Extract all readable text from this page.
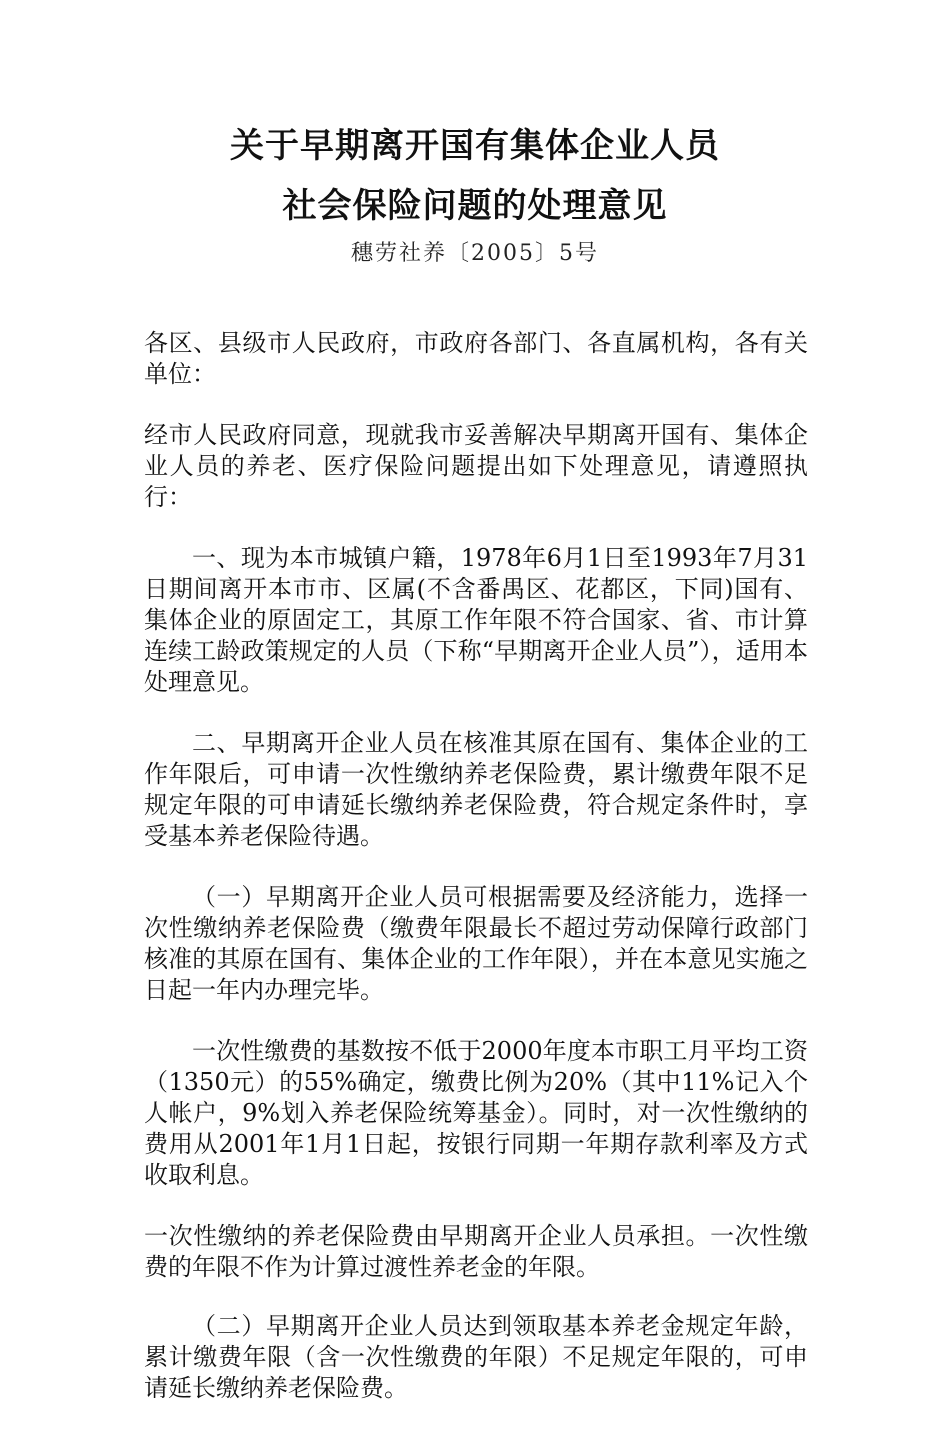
关于早期离开国有集体企业人员
社会保险问题的处理意见
穗劳社养〔2005〕5号

各区、县级市人民政府，市政府各部门、各直属机构，各有关单位：

经市人民政府同意，现就我市妥善解决早期离开国有、集体企业人员的养老、医疗保险问题提出如下处理意见，请遵照执行：

一、现为本市城镇户籍，1978年6月1日至1993年7月31日期间离开本市市、区属(不含番禺区、花都区，下同)国有、集体企业的原固定工，其原工作年限不符合国家、省、市计算连续工龄政策规定的人员（下称“早期离开企业人员”），适用本处理意见。

二、早期离开企业人员在核准其原在国有、集体企业的工作年限后，可申请一次性缴纳养老保险费，累计缴费年限不足规定年限的可申请延长缴纳养老保险费，符合规定条件时，享受基本养老保险待遇。

（一）早期离开企业人员可根据需要及经济能力，选择一次性缴纳养老保险费（缴费年限最长不超过劳动保障行政部门核准的其原在国有、集体企业的工作年限），并在本意见实施之日起一年内办理完毕。

一次性缴费的基数按不低于2000年度本市职工月平均工资（1350元）的55%确定，缴费比例为20%（其中11%记入个人帐户，9%划入养老保险统筹基金）。同时，对一次性缴纳的费用从2001年1月1日起，按银行同期一年期存款利率及方式收取利息。

一次性缴纳的养老保险费由早期离开企业人员承担。一次性缴费的年限不作为计算过渡性养老金的年限。

（二）早期离开企业人员达到领取基本养老金规定年龄，累计缴费年限（含一次性缴费的年限）不足规定年限的，可申请延长缴纳养老保险费。
